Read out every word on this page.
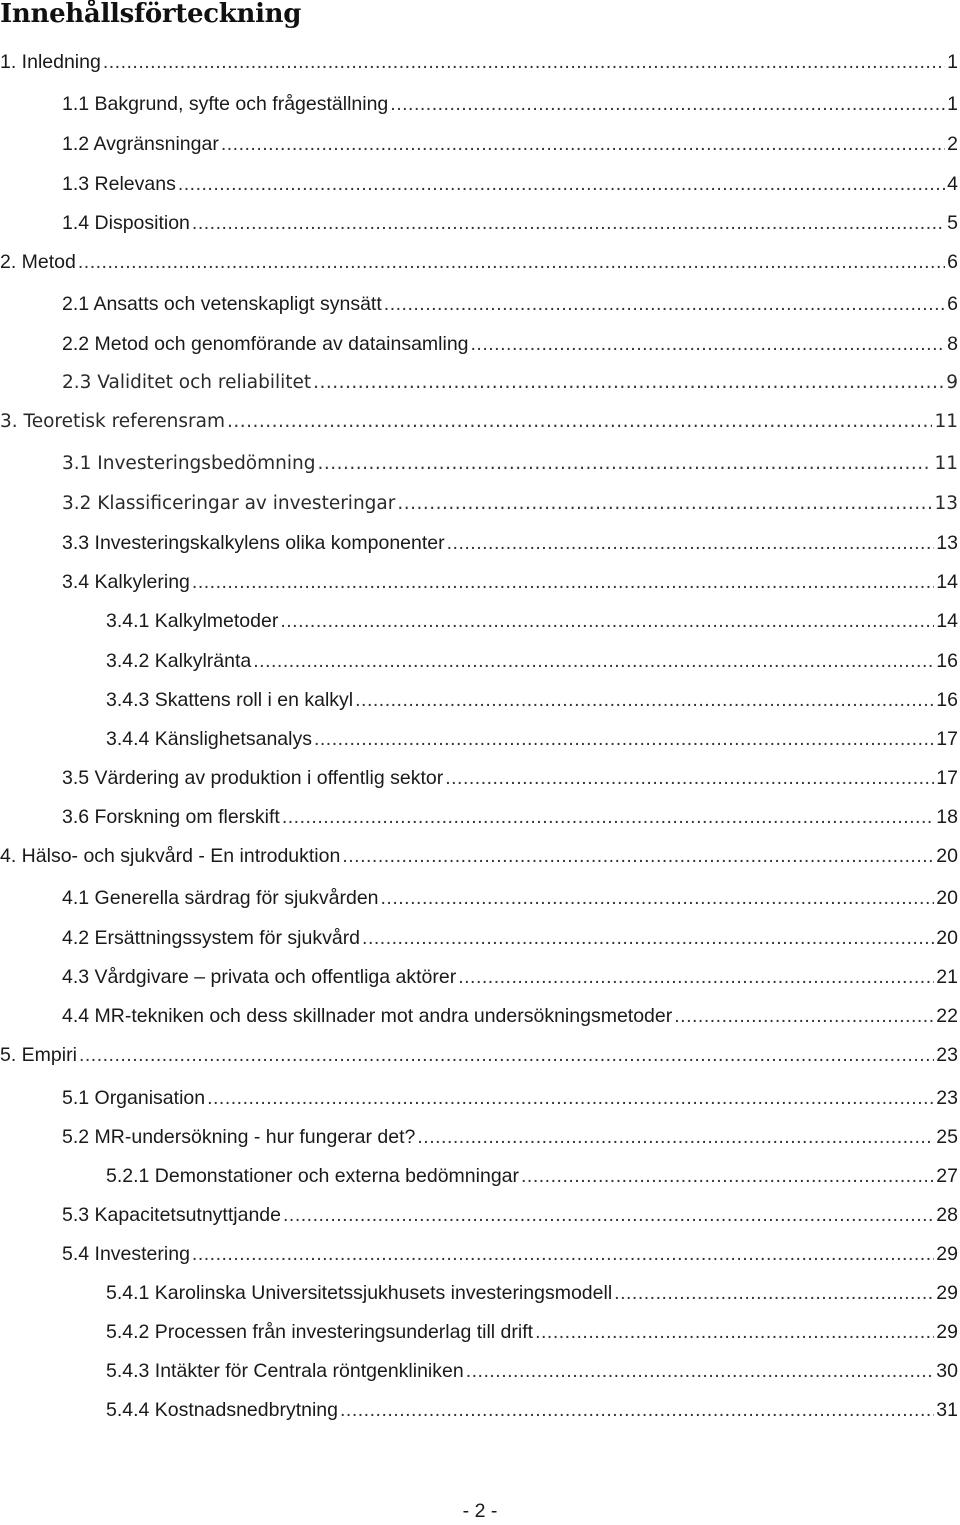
Innehållsförteckning
1. Inledning .....	1
1.1 Bakgrund, syfte och frågeställning .....	1
1.2 Avgränsningar .....	2
1.3 Relevans .....	4
1.4 Disposition .....	5
2. Metod .....	6
2.1 Ansatts och vetenskapligt synsätt .....	6
2.2 Metod och genomförande av datainsamling .....	8
2.3 Validitet och reliabilitet .....	9
3. Teoretisk referensram .....	11
3.1 Investeringsbedömning .....	11
3.2 Klassificeringar av investeringar .....	13
3.3 Investeringskalkylens olika komponenter .....	13
3.4 Kalkylering .....	14
3.4.1 Kalkylmetoder .....	14
3.4.2 Kalkylränta .....	16
3.4.3 Skattens roll i en kalkyl .....	16
3.4.4 Känslighetsanalys .....	17
3.5 Värdering av produktion i offentlig sektor .....	17
3.6 Forskning om flerskift .....	18
4. Hälso- och sjukvård - En introduktion .....	20
4.1 Generella särdrag för sjukvården .....	20
4.2 Ersättningssystem för sjukvård .....	20
4.3 Vårdgivare – privata och offentliga aktörer .....	21
4.4 MR-tekniken och dess skillnader mot andra undersökningsmetoder .....	22
5. Empiri .....	23
5.1 Organisation .....	23
5.2 MR-undersökning - hur fungerar det? .....	25
5.2.1 Demonstationer och externa bedömningar .....	27
5.3 Kapacitetsutnyttjande .....	28
5.4 Investering .....	29
5.4.1 Karolinska Universitetssjukhusets investeringsmodell .....	29
5.4.2 Processen från investeringsunderlag till drift .....	29
5.4.3 Intäkter för Centrala röntgenkliniken .....	30
5.4.4 Kostnadsnedbrytning .....	31
- 2 -
